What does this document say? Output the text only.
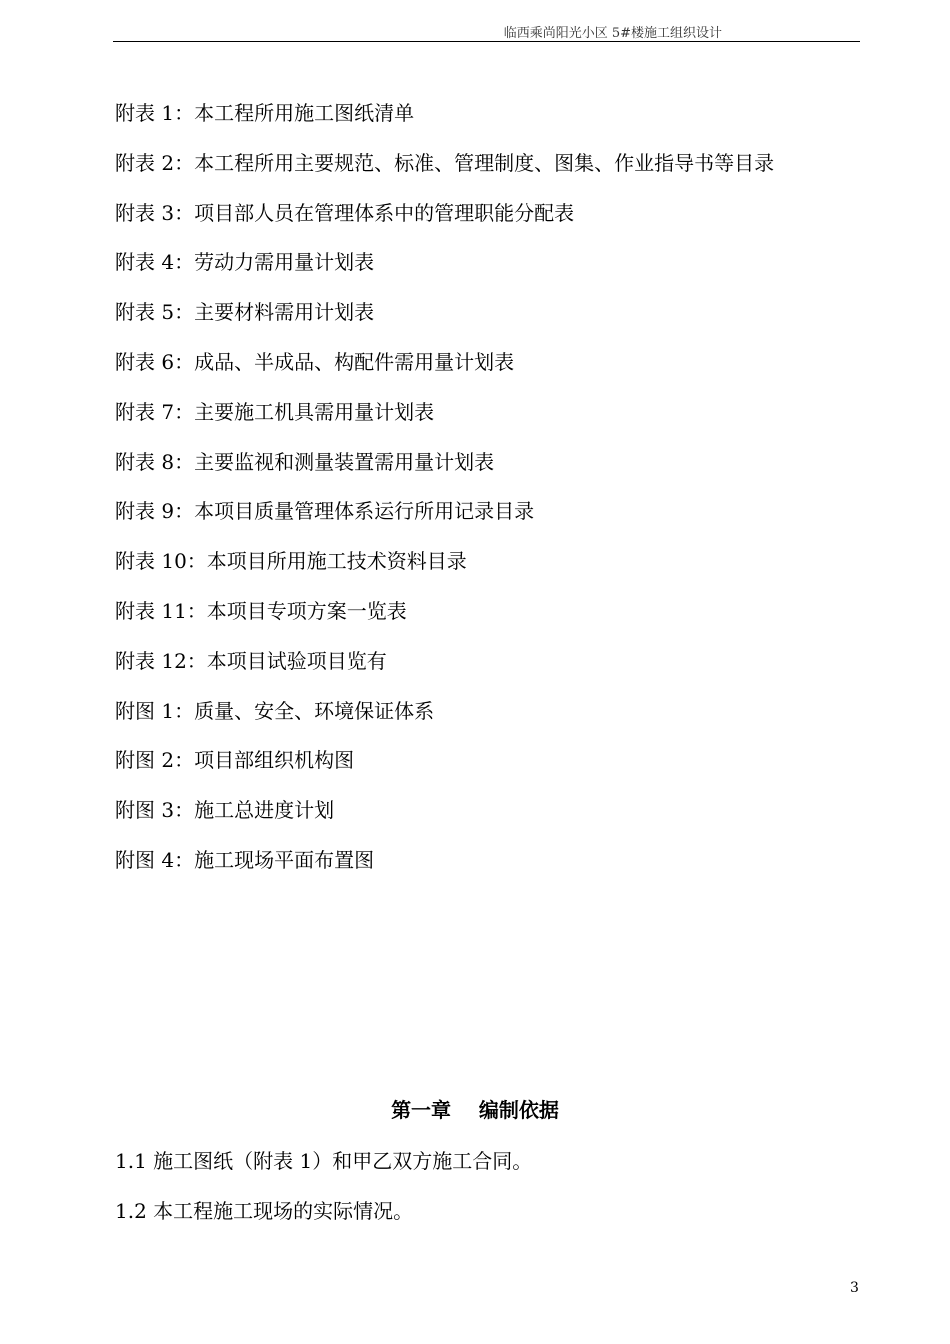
临西乘尚阳光小区 5#楼施工组织设计
附表 1：本工程所用施工图纸清单
附表 2：本工程所用主要规范、标准、管理制度、图集、作业指导书等目录
附表 3：项目部人员在管理体系中的管理职能分配表
附表 4：劳动力需用量计划表
附表 5：主要材料需用计划表
附表 6：成品、半成品、构配件需用量计划表
附表 7：主要施工机具需用量计划表
附表 8：主要监视和测量装置需用量计划表
附表 9：本项目质量管理体系运行所用记录目录
附表 10：本项目所用施工技术资料目录
附表 11：本项目专项方案一览表
附表 12：本项目试验项目览有
附图 1：质量、安全、环境保证体系
附图 2：项目部组织机构图
附图 3：施工总进度计划
附图 4：施工现场平面布置图
第一章    编制依据
1.1 施工图纸（附表 1）和甲乙双方施工合同。
1.2 本工程施工现场的实际情况。
3
